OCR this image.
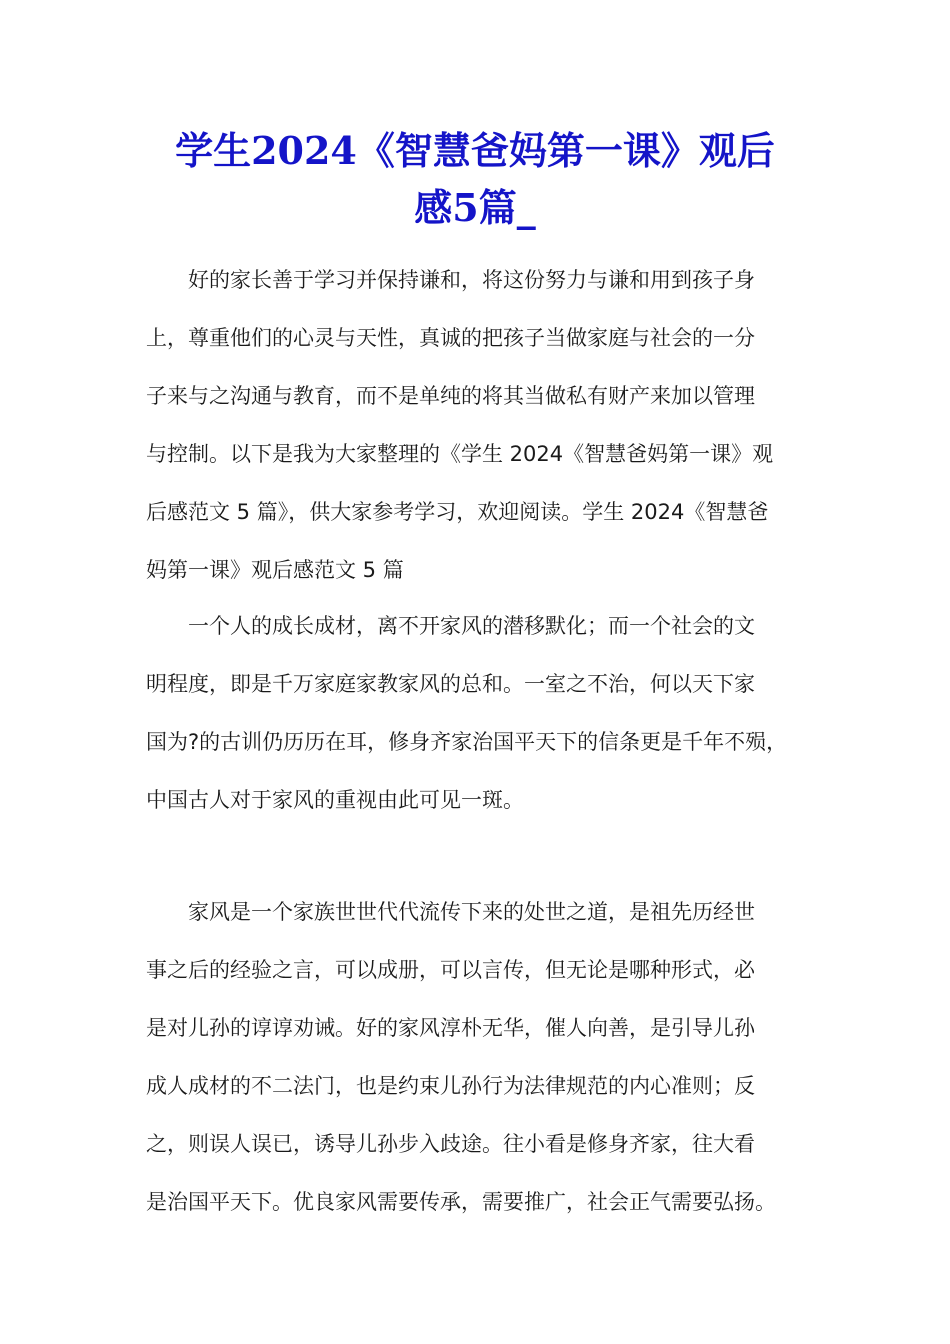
学生2024《智慧爸妈第一课》观后
感5篇_

好的家长善于学习并保持谦和，将这份努力与谦和用到孩子身
上，尊重他们的心灵与天性，真诚的把孩子当做家庭与社会的一分
子来与之沟通与教育，而不是单纯的将其当做私有财产来加以管理
与控制。以下是我为大家整理的《学生 2024《智慧爸妈第一课》观
后感范文 5 篇》，供大家参考学习，欢迎阅读。学生 2024《智慧爸
妈第一课》观后感范文 5 篇

一个人的成长成材，离不开家风的潜移默化；而一个社会的文
明程度，即是千万家庭家教家风的总和。一室之不治，何以天下家
国为?的古训仍历历在耳，修身齐家治国平天下的信条更是千年不殒，
中国古人对于家风的重视由此可见一斑。

家风是一个家族世世代代流传下来的处世之道，是祖先历经世
事之后的经验之言，可以成册，可以言传，但无论是哪种形式，必
是对儿孙的谆谆劝诫。好的家风淳朴无华，催人向善，是引导儿孙
成人成材的不二法门，也是约束儿孙行为法律规范的内心准则；反
之，则误人误已，诱导儿孙步入歧途。往小看是修身齐家，往大看
是治国平天下。优良家风需要传承，需要推广，社会正气需要弘扬。
